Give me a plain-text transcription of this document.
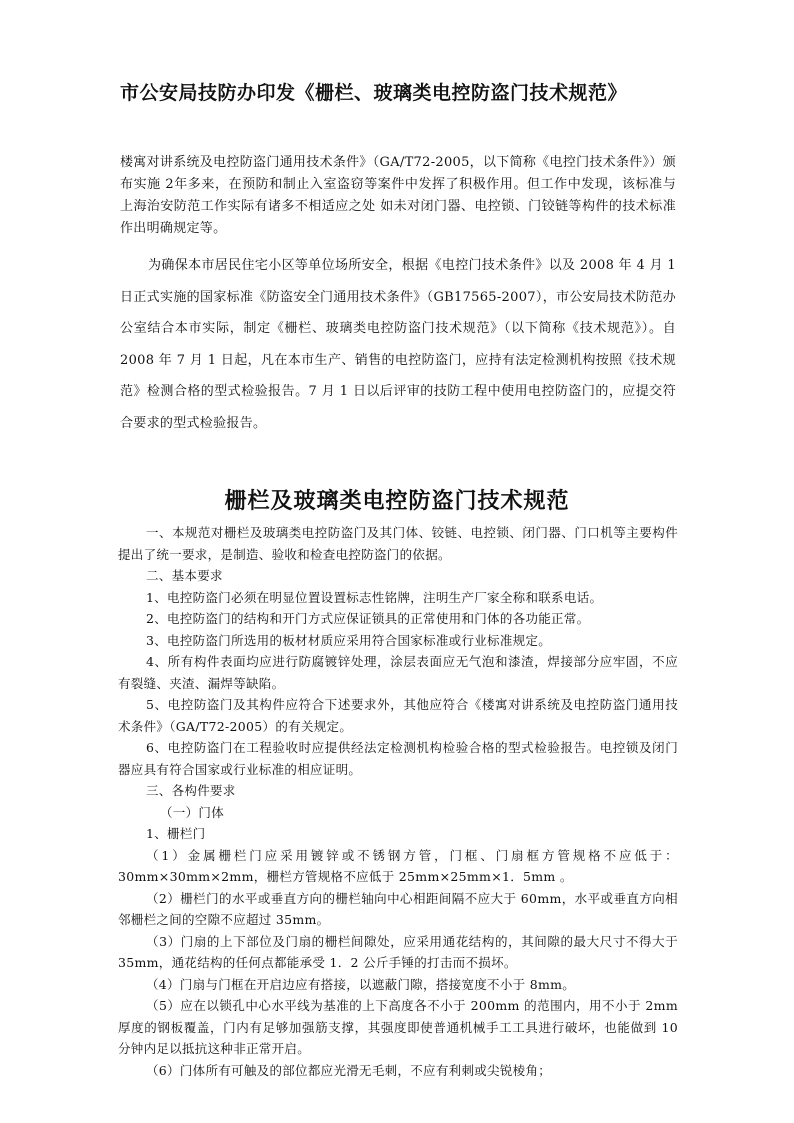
市公安局技防办印发《栅栏、玻璃类电控防盗门技术规范》
楼寓对讲系统及电控防盗门通用技术条件》（GA/T72-2005，以下简称《电控门技术条件》）颁布实施 2年多来，在预防和制止入室盗窃等案件中发挥了积极作用。但工作中发现，该标准与上海治安防范工作实际有诸多不相适应之处 如未对闭门器、电控锁、门铰链等构件的技术标准作出明确规定等。
为确保本市居民住宅小区等单位场所安全，根据《电控门技术条件》以及 2008 年 4 月 1 日正式实施的国家标准《防盗安全门通用技术条件》（GB17565-2007），市公安局技术防范办公室结合本市实际，制定《栅栏、玻璃类电控防盗门技术规范》（以下简称《技术规范》）。自 2008 年 7 月 1 日起，凡在本市生产、销售的电控防盗门，应持有法定检测机构按照《技术规范》检测合格的型式检验报告。7 月 1 日以后评审的技防工程中使用电控防盗门的，应提交符合要求的型式检验报告。
栅栏及玻璃类电控防盗门技术规范

一、本规范对栅栏及玻璃类电控防盗门及其门体、铰链、电控锁、闭门器、门口机等主要构件提出了统一要求，是制造、验收和检查电控防盗门的依据。

二、基本要求

1、电控防盗门必须在明显位置设置标志性铭牌，注明生产厂家全称和联系电话。

2、电控防盗门的结构和开门方式应保证锁具的正常使用和门体的各功能正常。

3、电控防盗门所选用的板材材质应采用符合国家标准或行业标准规定。

4、所有构件表面均应进行防腐镀锌处理，涂层表面应无气泡和漆渣，焊接部分应牢固，不应有裂缝、夹渣、漏焊等缺陷。

5、电控防盗门及其构件应符合下述要求外，其他应符合《楼寓对讲系统及电控防盗门通用技术条件》（GA/T72-2005）的有关规定。

6、电控防盗门在工程验收时应提供经法定检测机构检验合格的型式检验报告。电控锁及闭门器应具有符合国家或行业标准的相应证明。

三、各构件要求

（一）门体

1、栅栏门

（1）金属栅栏门应采用镀锌或不锈钢方管，门框、门扇框方管规格不应低于：30mm×30mm×2mm，栅栏方管规格不应低于 25mm×25mm×1．5mm 。

（2）栅栏门的水平或垂直方向的栅栏轴向中心相距间隔不应大于 60mm，水平或垂直方向相邻栅栏之间的空隙不应超过 35mm。

（3）门扇的上下部位及门扇的栅栏间隙处，应采用通花结构的，其间隙的最大尺寸不得大于 35mm，通花结构的任何点都能承受 1．2 公斤手锤的打击而不损坏。

（4）门扇与门框在开启边应有搭接，以遮蔽门隙，搭接宽度不小于 8mm。

（5）应在以锁孔中心水平线为基准的上下高度各不小于 200mm 的范围内，用不小于 2mm 厚度的钢板覆盖，门内有足够加强筋支撑，其强度即使普通机械手工工具进行破坏，也能做到 10 分钟内足以抵抗这种非正常开启。

（6）门体所有可触及的部位都应光滑无毛刺，不应有利刺或尖锐棱角；
